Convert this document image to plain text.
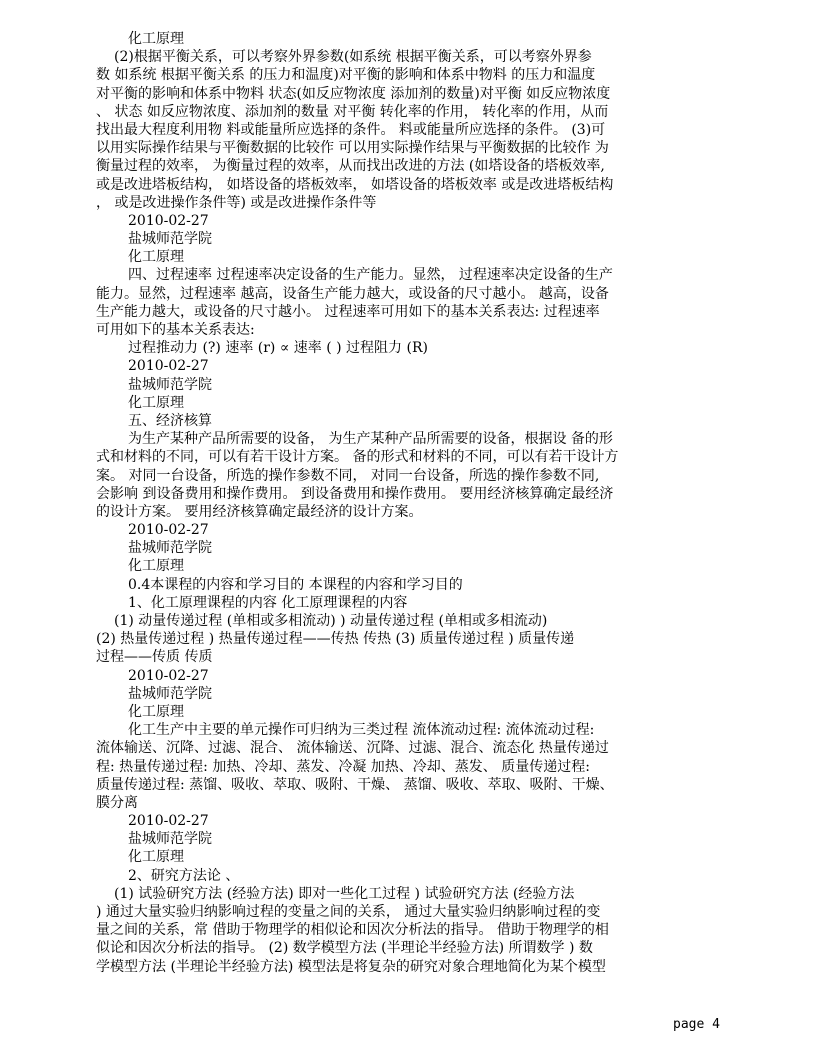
化工原理
(2)根据平衡关系，可以考察外界参数(如系统 根据平衡关系，可以考察外界参
数 如系统 根据平衡关系 的压力和温度)对平衡的影响和体系中物料 的压力和温度
对平衡的影响和体系中物料 状态(如反应物浓度 添加剂的数量)对平衡 如反应物浓度
、 状态 如反应物浓度、添加剂的数量 对平衡 转化率的作用， 转化率的作用，从而
找出最大程度利用物 料或能量所应选择的条件。 料或能量所应选择的条件。 (3)可
以用实际操作结果与平衡数据的比较作 可以用实际操作结果与平衡数据的比较作 为
衡量过程的效率， 为衡量过程的效率，从而找出改进的方法 (如塔设备的塔板效率,
或是改进塔板结构， 如塔设备的塔板效率， 如塔设备的塔板效率 或是改进塔板结构
， 或是改进操作条件等) 或是改进操作条件等
2010-02-27
盐城师范学院
化工原理
四、过程速率 过程速率决定设备的生产能力。显然， 过程速率决定设备的生产
能力。显然，过程速率 越高，设备生产能力越大，或设备的尺寸越小。 越高，设备
生产能力越大，或设备的尺寸越小。 过程速率可用如下的基本关系表达: 过程速率
可用如下的基本关系表达:
过程推动力 (?) 速率 (r) ∝ 速率 ( ) 过程阻力 (R)
2010-02-27
盐城师范学院
化工原理
五、经济核算
为生产某种产品所需要的设备， 为生产某种产品所需要的设备，根据设 备的形
式和材料的不同，可以有若干设计方案。 备的形式和材料的不同，可以有若干设计方
案。 对同一台设备，所选的操作参数不同， 对同一台设备，所选的操作参数不同,
会影响 到设备费用和操作费用。 到设备费用和操作费用。 要用经济核算确定最经济
的设计方案。 要用经济核算确定最经济的设计方案。
2010-02-27
盐城师范学院
化工原理
0.4本课程的内容和学习目的 本课程的内容和学习目的
1、化工原理课程的内容 化工原理课程的内容
(1) 动量传递过程 (单相或多相流动) ) 动量传递过程 (单相或多相流动)
(2) 热量传递过程 ) 热量传递过程——传热 传热 (3) 质量传递过程 ) 质量传递
过程——传质 传质
2010-02-27
盐城师范学院
化工原理
化工生产中主要的单元操作可归纳为三类过程 流体流动过程: 流体流动过程:
流体输送、沉降、过滤、混合、 流体输送、沉降、过滤、混合、流态化 热量传递过
程: 热量传递过程: 加热、冷却、蒸发、冷凝 加热、冷却、蒸发、 质量传递过程:
质量传递过程: 蒸馏、吸收、萃取、吸附、干燥、 蒸馏、吸收、萃取、吸附、干燥、
膜分离
2010-02-27
盐城师范学院
化工原理
2、研究方法论 、
(1) 试验研究方法 (经验方法) 即对一些化工过程 ) 试验研究方法 (经验方法
) 通过大量实验归纳影响过程的变量之间的关系， 通过大量实验归纳影响过程的变
量之间的关系，常 借助于物理学的相似论和因次分析法的指导。 借助于物理学的相
似论和因次分析法的指导。 (2) 数学模型方法 (半理论半经验方法) 所谓数学 ) 数
学模型方法 (半理论半经验方法) 模型法是将复杂的研究对象合理地简化为某个模型
page 4
